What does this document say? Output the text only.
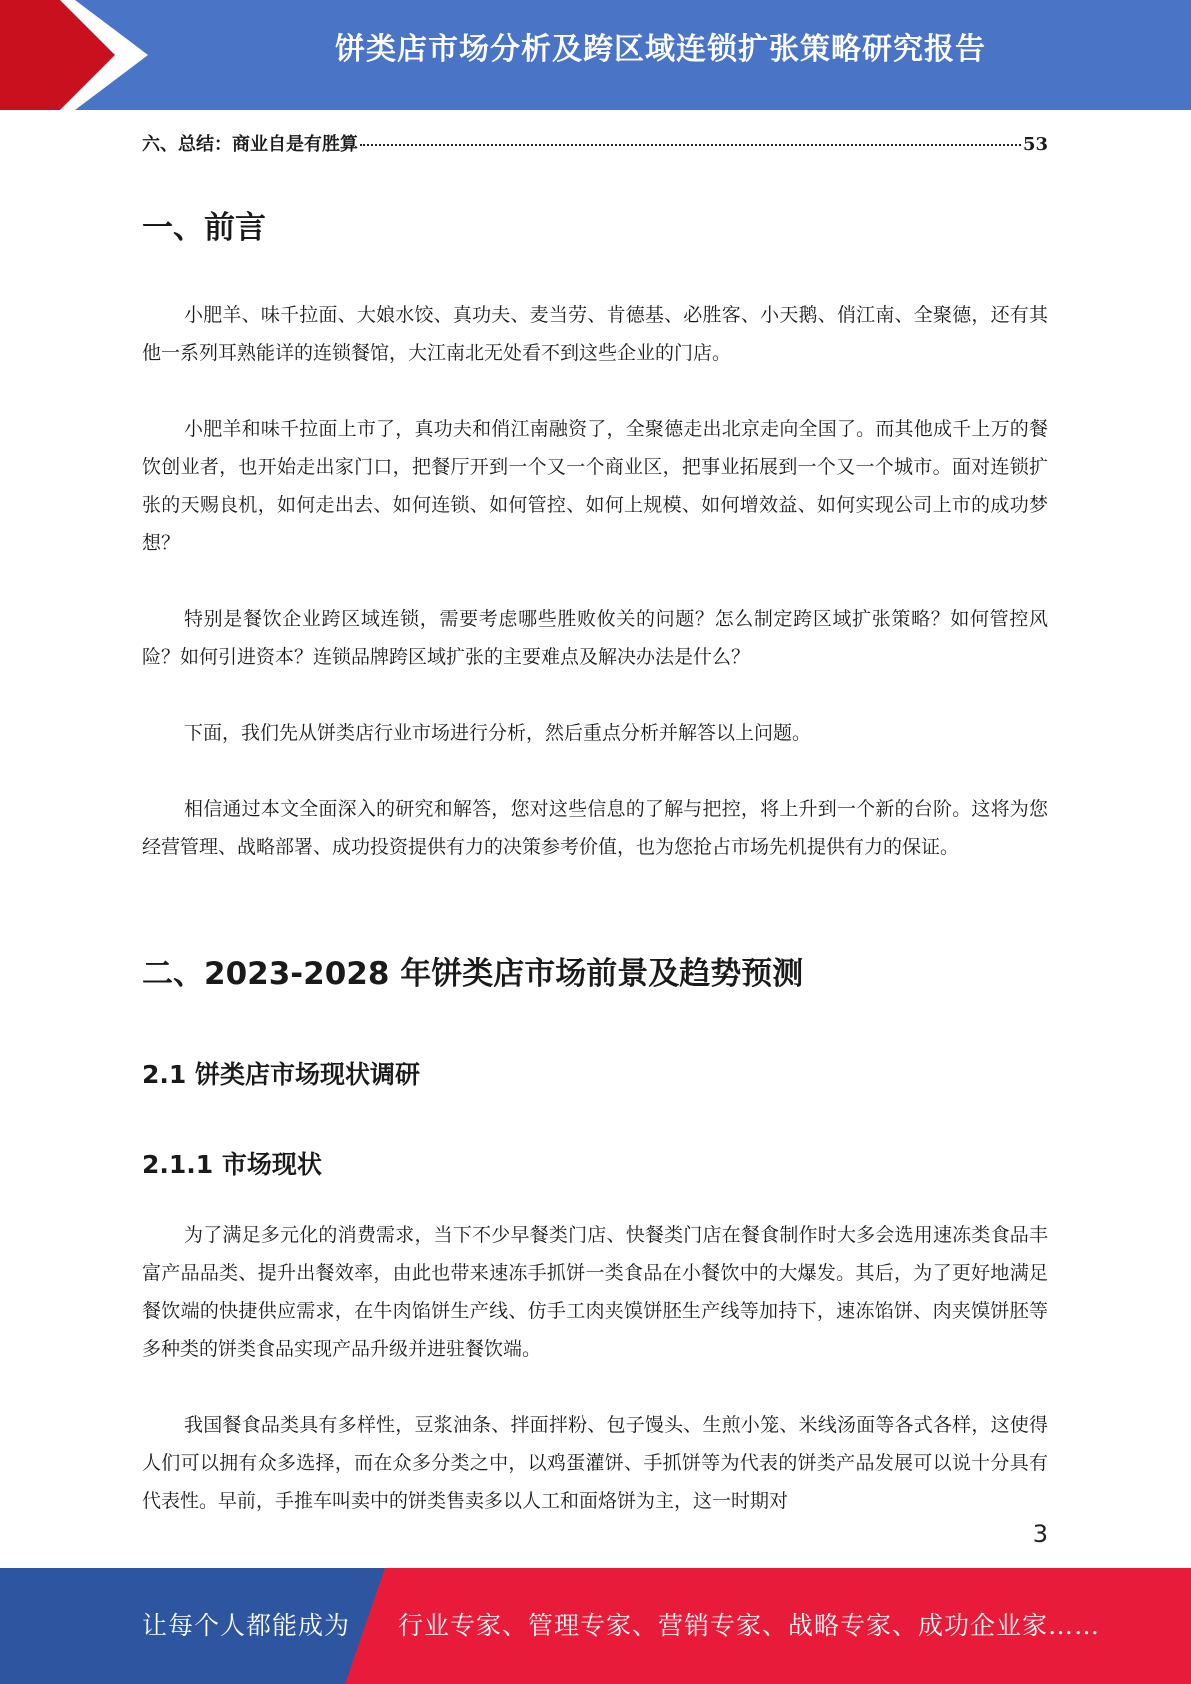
饼类店市场分析及跨区域连锁扩张策略研究报告
六、总结：商业自是有胜算	53
一、前言

小肥羊、味千拉面、大娘水饺、真功夫、麦当劳、肯德基、必胜客、小天鹅、俏江南、全聚德，还有其他一系列耳熟能详的连锁餐馆，大江南北无处看不到这些企业的门店。

小肥羊和味千拉面上市了，真功夫和俏江南融资了，全聚德走出北京走向全国了。而其他成千上万的餐饮创业者，也开始走出家门口，把餐厅开到一个又一个商业区，把事业拓展到一个又一个城市。面对连锁扩张的天赐良机，如何走出去、如何连锁、如何管控、如何上规模、如何增效益、如何实现公司上市的成功梦想？

特别是餐饮企业跨区域连锁，需要考虑哪些胜败攸关的问题？怎么制定跨区域扩张策略？如何管控风险？如何引进资本？连锁品牌跨区域扩张的主要难点及解决办法是什么？

下面，我们先从饼类店行业市场进行分析，然后重点分析并解答以上问题。

相信通过本文全面深入的研究和解答，您对这些信息的了解与把控，将上升到一个新的台阶。这将为您经营管理、战略部署、成功投资提供有力的决策参考价值，也为您抢占市场先机提供有力的保证。

二、2023-2028 年饼类店市场前景及趋势预测
2.1 饼类店市场现状调研
2.1.1 市场现状

为了满足多元化的消费需求，当下不少早餐类门店、快餐类门店在餐食制作时大多会选用速冻类食品丰富产品品类、提升出餐效率，由此也带来速冻手抓饼一类食品在小餐饮中的大爆发。其后，为了更好地满足餐饮端的快捷供应需求，在牛肉馅饼生产线、仿手工肉夹馍饼胚生产线等加持下，速冻馅饼、肉夹馍饼胚等多种类的饼类食品实现产品升级并进驻餐饮端。

我国餐食品类具有多样性，豆浆油条、拌面拌粉、包子馒头、生煎小笼、米线汤面等各式各样，这使得人们可以拥有众多选择，而在众多分类之中，以鸡蛋灌饼、手抓饼等为代表的饼类产品发展可以说十分具有代表性。早前，手推车叫卖中的饼类售卖多以人工和面烙饼为主，这一时期对

3
让每个人都能成为 行业专家、管理专家、营销专家、战略专家、成功企业家……
